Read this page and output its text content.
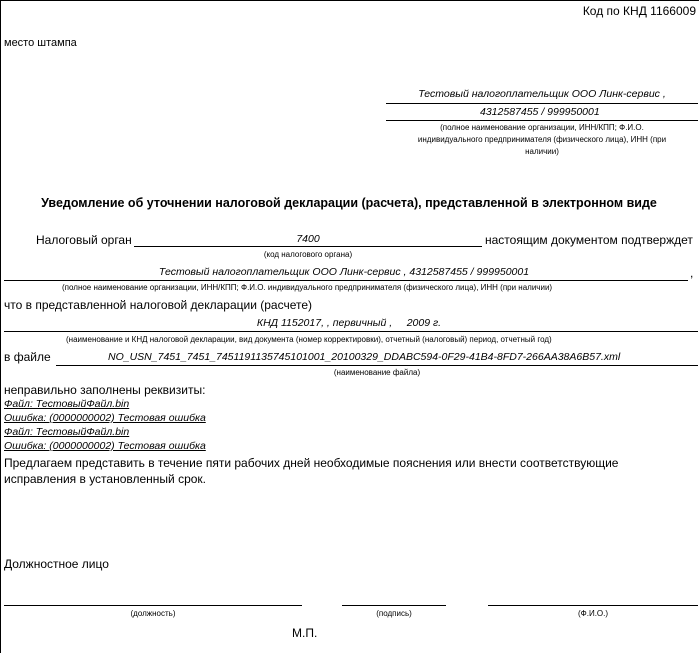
Код по КНД 1166009
место штампа
Тестовый налогоплательщик ООО Линк-сервис ,
4312587455 / 999950001
(полное наименование организации, ИНН/КПП; Ф.И.О.
индивидуального предпринимателя (физического лица), ИНН (при
наличии)
Уведомление об уточнении налоговой декларации (расчета), представленной в электронном виде
Налоговый орган	7400	настоящим документом подтверждет
(код налогового органа)
Тестовый налогоплательщик ООО Линк-сервис , 4312587455 / 999950001	,
(полное наименование организации, ИНН/КПП; Ф.И.О. индивидуального предпринимателя (физического лица), ИНН (при наличии)
что в представленной налоговой декларации (расчете)
КНД 1152017, , первичный ,     2009 г.
(наименование и КНД налоговой декларации, вид документа (номер корректировки), отчетный (налоговый) период, отчетный год)
в файле	NO_USN_7451_7451_7451191135745101001_20100329_DDABC594-0F29-41B4-8FD7-266AA38A6B57.xml
(наименование файла)
неправильно заполнены реквизиты:
Файл: ТестовыйФайл.bin
Ошибка: (0000000002) Тестовая ошибка
Файл: ТестовыйФайл.bin
Ошибка: (0000000002) Тестовая ошибка
Предлагаем представить в течение пяти рабочих дней необходимые пояснения или внести соответствующие
исправления в установленный срок.
Должностное лицо
(должность)	(подпись)	(Ф.И.О.)
М.П.
